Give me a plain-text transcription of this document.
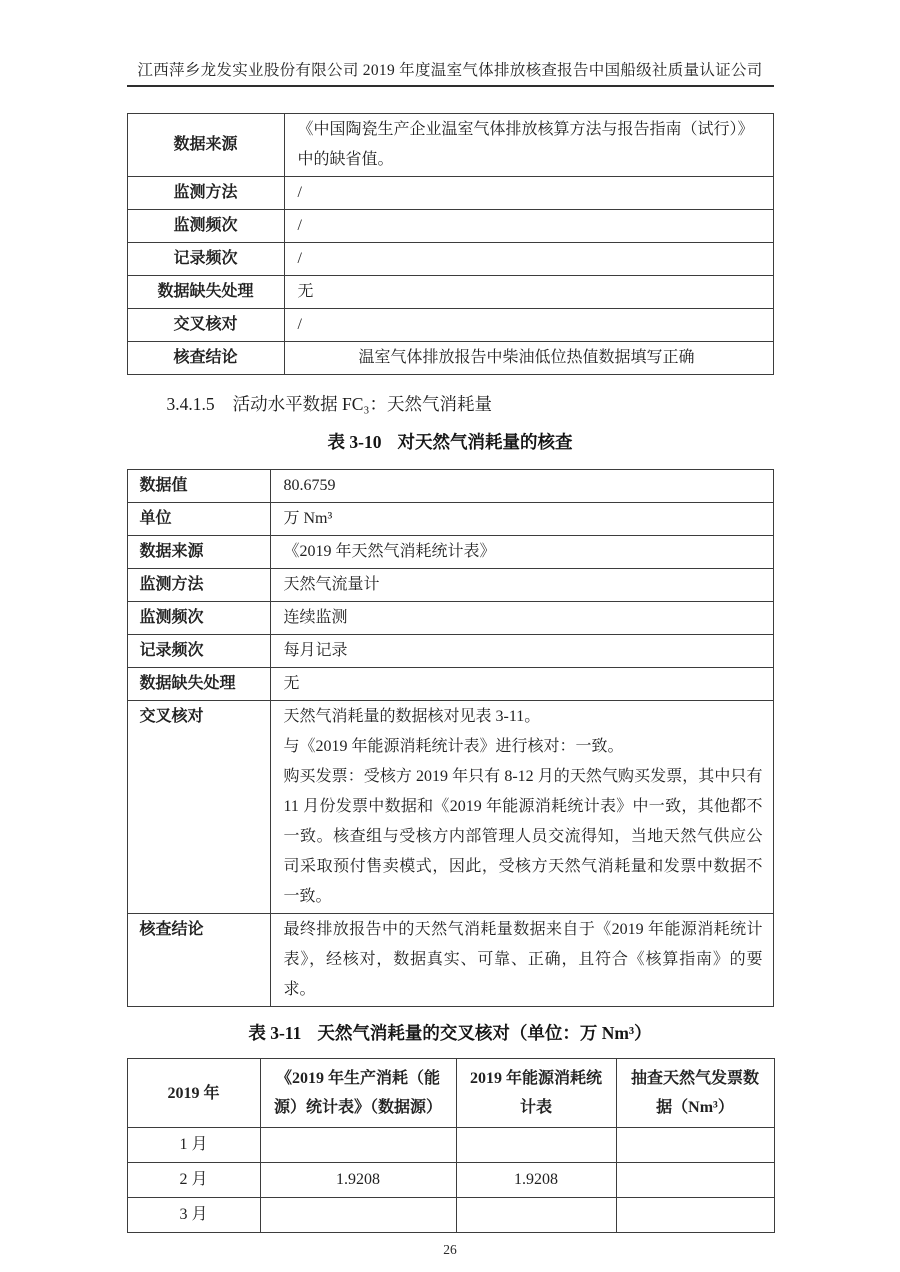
江西萍乡龙发实业股份有限公司 2019 年度温室气体排放核查报告中国船级社质量认证公司
数据来源	《中国陶瓷生产企业温室气体排放核算方法与报告指南（试行）》中的缺省值。
监测方法	/
监测频次	/
记录频次	/
数据缺失处理	无
交叉核对	/
核查结论	温室气体排放报告中柴油低位热值数据填写正确
3.4.1.5 活动水平数据 FC₃：天然气消耗量
表 3-10 对天然气消耗量的核查
数据值	80.6759
单位	万 Nm³
数据来源	《2019 年天然气消耗统计表》
监测方法	天然气流量计
监测频次	连续监测
记录频次	每月记录
数据缺失处理	无
交叉核对	天然气消耗量的数据核对见表 3-11。

与《2019 年能源消耗统计表》进行核对：一致。

购买发票：受核方 2019 年只有 8-12 月的天然气购买发票，其中只有 11 月份发票中数据和《2019 年能源消耗统计表》中一致，其他都不一致。核查组与受核方内部管理人员交流得知，当地天然气供应公司采取预付售卖模式，因此，受核方天然气消耗量和发票中数据不一致。

核查结论	最终排放报告中的天然气消耗量数据来自于《2019 年能源消耗统计表》，经核对，数据真实、可靠、正确，且符合《核算指南》的要求。

表 3-11 天然气消耗量的交叉核对（单位：万 Nm³）
2019 年	《2019 年生产消耗（能源）统计表》（数据源）	2019 年能源消耗统计表	抽查天然气发票数据（Nm³）
1 月			
2 月	1.9208	1.9208	
3 月			
26
